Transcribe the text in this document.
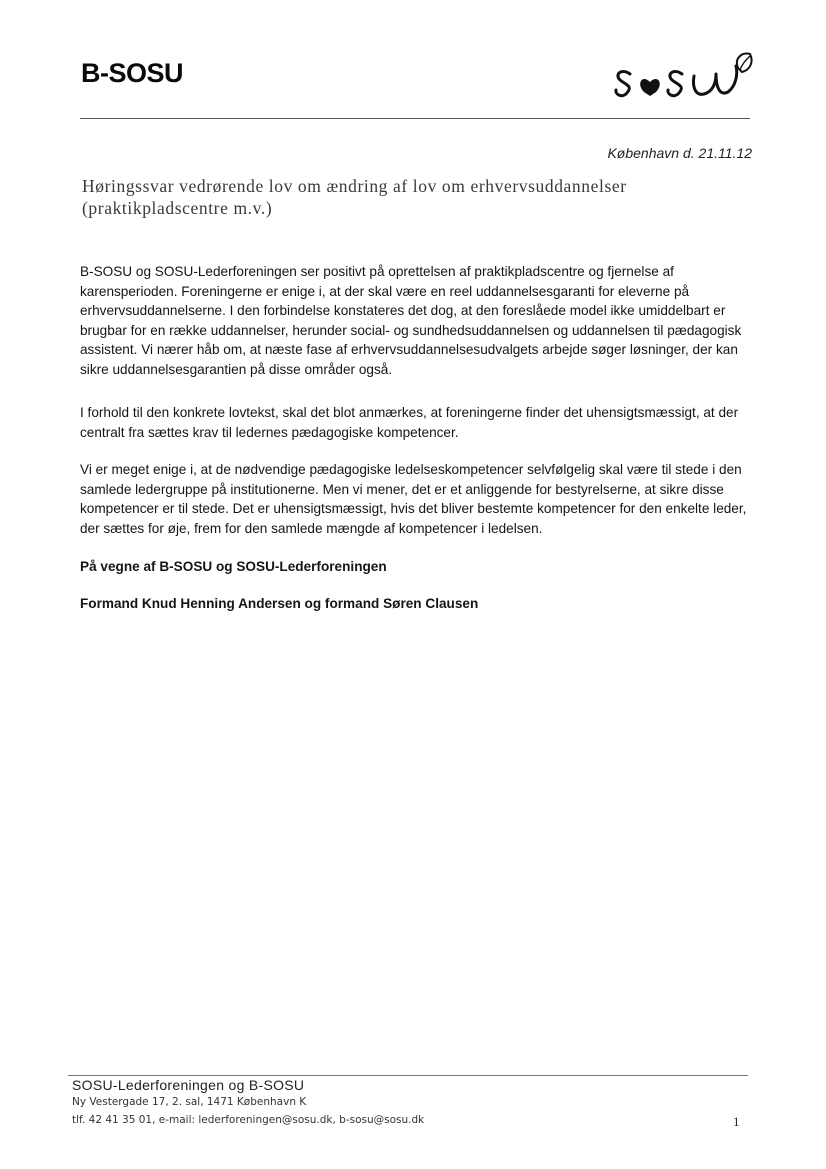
B-SOSU
København d. 21.11.12
Høringssvar vedrørende lov om ændring af lov om erhvervsuddannelser (praktikpladscentre m.v.)

B-SOSU og SOSU-Lederforeningen ser positivt på oprettelsen af praktikpladscentre og fjernelse af karensperioden. Foreningerne er enige i, at der skal være en reel uddannelsesgaranti for eleverne på erhvervsuddannelserne. I den forbindelse konstateres det dog, at den foreslåede model ikke umiddelbart er brugbar for en række uddannelser, herunder social- og sundhedsuddannelsen og uddannelsen til pædagogisk assistent. Vi nærer håb om, at næste fase af erhvervsuddannelsesudvalgets arbejde søger løsninger, der kan sikre uddannelsesgarantien på disse områder også.

I forhold til den konkrete lovtekst, skal det blot anmærkes, at foreningerne finder det uhensigtsmæssigt, at der centralt fra sættes krav til ledernes pædagogiske kompetencer.

Vi er meget enige i, at de nødvendige pædagogiske ledelseskompetencer selvfølgelig skal være til stede i den samlede ledergruppe på institutionerne. Men vi mener, det er et anliggende for bestyrelserne, at sikre disse kompetencer er til stede. Det er uhensigtsmæssigt, hvis det bliver bestemte kompetencer for den enkelte leder, der sættes for øje, frem for den samlede mængde af kompetencer i ledelsen.

På vegne af B-SOSU og SOSU-Lederforeningen

Formand Knud Henning Andersen og formand Søren Clausen

SOSU-Lederforeningen og B-SOSU
Ny Vestergade 17, 2. sal, 1471 København K
tlf. 42 41 35 01, e-mail: lederforeningen@sosu.dk, b-sosu@sosu.dk	1
